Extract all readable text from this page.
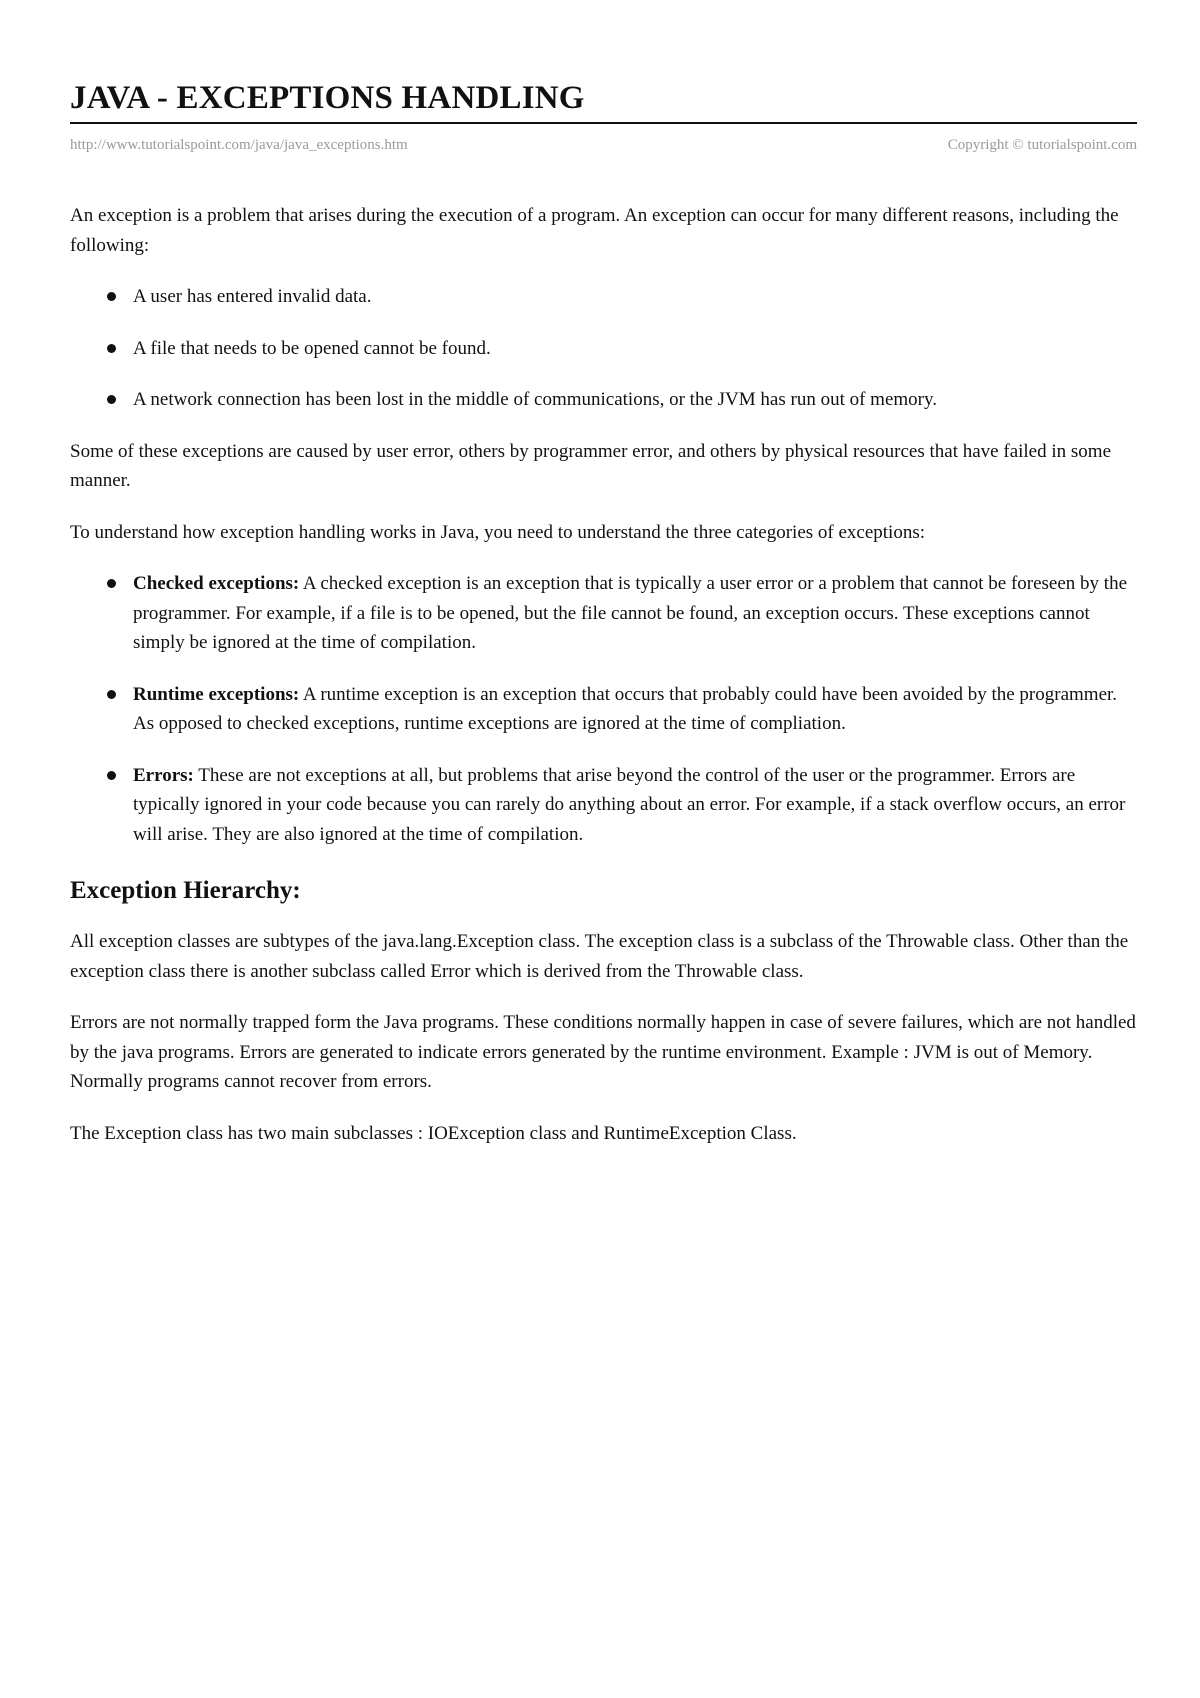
JAVA - EXCEPTIONS HANDLING
http://www.tutorialspoint.com/java/java_exceptions.htm	Copyright © tutorialspoint.com

An exception is a problem that arises during the execution of a program. An exception can occur for many different reasons, including the following:

A user has entered invalid data.
A file that needs to be opened cannot be found.
A network connection has been lost in the middle of communications, or the JVM has run out of memory.

Some of these exceptions are caused by user error, others by programmer error, and others by physical resources that have failed in some manner.

To understand how exception handling works in Java, you need to understand the three categories of exceptions:

Checked exceptions: A checked exception is an exception that is typically a user error or a problem that cannot be foreseen by the programmer. For example, if a file is to be opened, but the file cannot be found, an exception occurs. These exceptions cannot simply be ignored at the time of compilation.
Runtime exceptions: A runtime exception is an exception that occurs that probably could have been avoided by the programmer. As opposed to checked exceptions, runtime exceptions are ignored at the time of compliation.
Errors: These are not exceptions at all, but problems that arise beyond the control of the user or the programmer. Errors are typically ignored in your code because you can rarely do anything about an error. For example, if a stack overflow occurs, an error will arise. They are also ignored at the time of compilation.
Exception Hierarchy:

All exception classes are subtypes of the java.lang.Exception class. The exception class is a subclass of the Throwable class. Other than the exception class there is another subclass called Error which is derived from the Throwable class.

Errors are not normally trapped form the Java programs. These conditions normally happen in case of severe failures, which are not handled by the java programs. Errors are generated to indicate errors generated by the runtime environment. Example : JVM is out of Memory. Normally programs cannot recover from errors.

The Exception class has two main subclasses : IOException class and RuntimeException Class.
